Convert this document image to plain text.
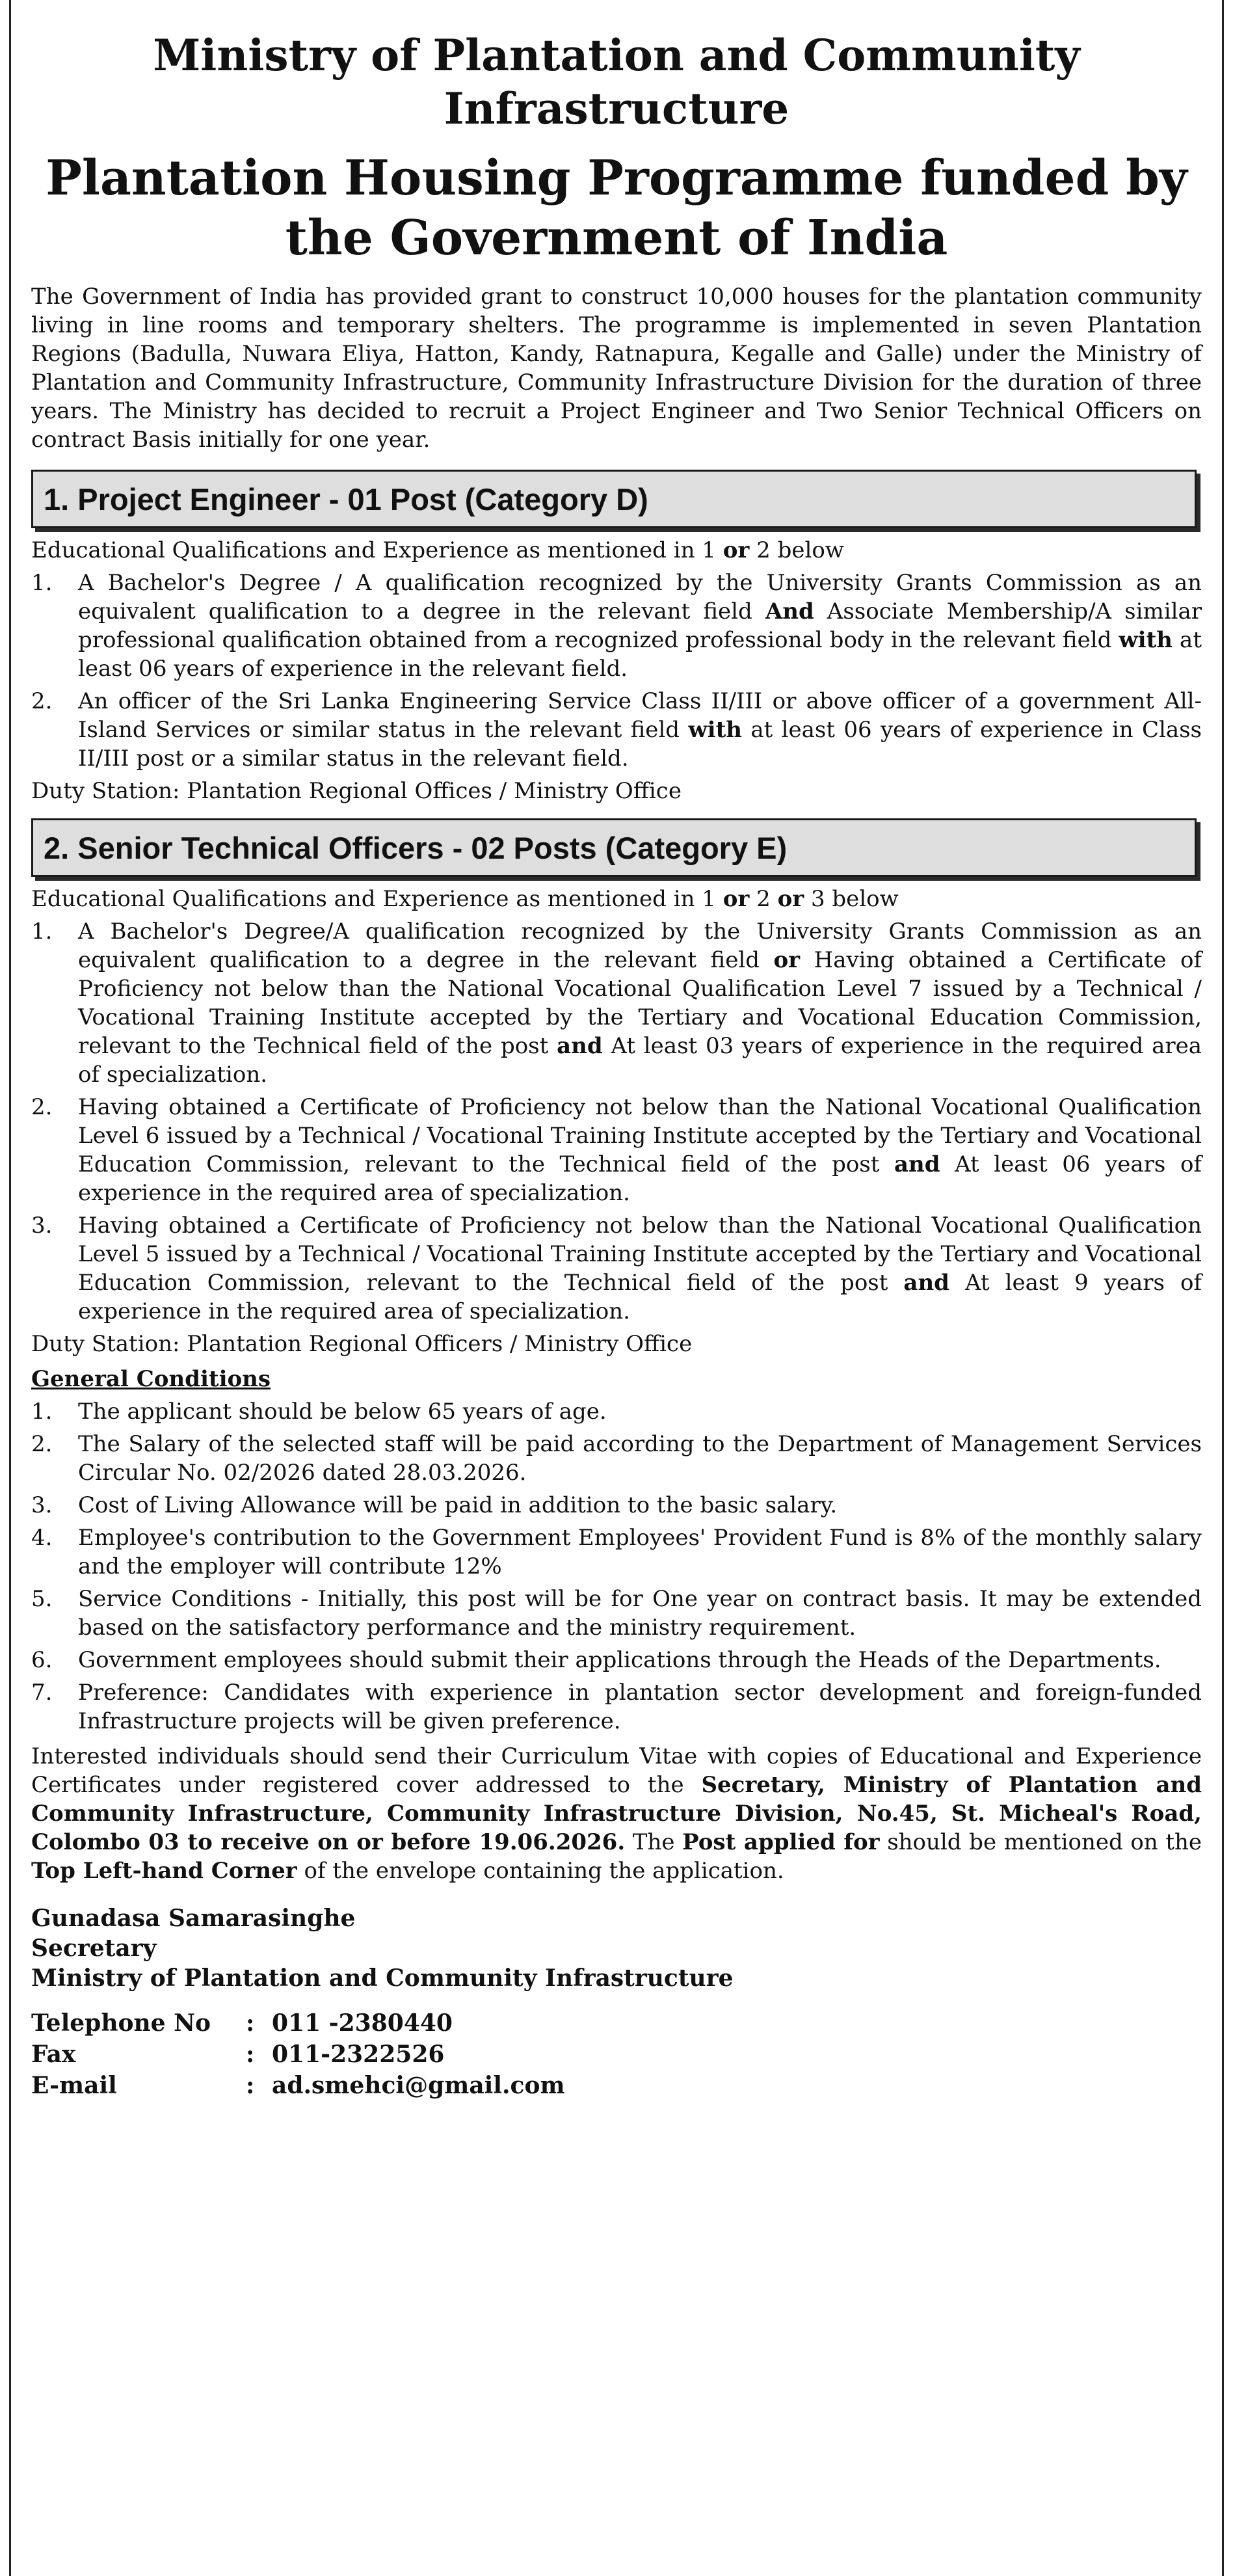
Ministry of Plantation and Community Infrastructure
Plantation Housing Programme funded by the Government of India

The Government of India has provided grant to construct 10,000 houses for the plantation community living in line rooms and temporary shelters. The programme is implemented in seven Plantation Regions (Badulla, Nuwara Eliya, Hatton, Kandy, Ratnapura, Kegalle and Galle) under the Ministry of Plantation and Community Infrastructure, Community Infrastructure Division for the duration of three years. The Ministry has decided to recruit a Project Engineer and Two Senior Technical Officers on contract Basis initially for one year.

1. Project Engineer - 01 Post (Category D)

Educational Qualifications and Experience as mentioned in 1 or 2 below

1.	A Bachelor's Degree / A qualification recognized by the University Grants Commission as an equivalent qualification to a degree in the relevant field And Associate Membership/A similar professional qualification obtained from a recognized professional body in the relevant field with at least 06 years of experience in the relevant field.
2.	An officer of the Sri Lanka Engineering Service Class II/III or above officer of a government All-Island Services or similar status in the relevant field with at least 06 years of experience in Class II/III post or a similar status in the relevant field.

Duty Station: Plantation Regional Offices / Ministry Office

2. Senior Technical Officers - 02 Posts (Category E)

Educational Qualifications and Experience as mentioned in 1 or 2 or 3 below

1.	A Bachelor's Degree/A qualification recognized by the University Grants Commission as an equivalent qualification to a degree in the relevant field or Having obtained a Certificate of Proficiency not below than the National Vocational Qualification Level 7 issued by a Technical / Vocational Training Institute accepted by the Tertiary and Vocational Education Commission, relevant to the Technical field of the post and At least 03 years of experience in the required area of specialization.
2.	Having obtained a Certificate of Proficiency not below than the National Vocational Qualification Level 6 issued by a Technical / Vocational Training Institute accepted by the Tertiary and Vocational Education Commission, relevant to the Technical field of the post and At least 06 years of experience in the required area of specialization.
3.	Having obtained a Certificate of Proficiency not below than the National Vocational Qualification Level 5 issued by a Technical / Vocational Training Institute accepted by the Tertiary and Vocational Education Commission, relevant to the Technical field of the post and At least 9 years of experience in the required area of specialization.

Duty Station: Plantation Regional Officers / Ministry Office

General Conditions
1.	The applicant should be below 65 years of age.
2.	The Salary of the selected staff will be paid according to the Department of Management Services Circular No. 02/2026 dated 28.03.2026.
3.	Cost of Living Allowance will be paid in addition to the basic salary.
4.	Employee's contribution to the Government Employees' Provident Fund is 8% of the monthly salary and the employer will contribute 12%
5.	Service Conditions - Initially, this post will be for One year on contract basis. It may be extended based on the satisfactory performance and the ministry requirement.
6.	Government employees should submit their applications through the Heads of the Departments.
7.	Preference: Candidates with experience in plantation sector development and foreign-funded Infrastructure projects will be given preference.

Interested individuals should send their Curriculum Vitae with copies of Educational and Experience Certificates under registered cover addressed to the Secretary, Ministry of Plantation and Community Infrastructure, Community Infrastructure Division, No.45, St. Micheal's Road, Colombo 03 to receive on or before 19.06.2026. The Post applied for should be mentioned on the Top Left-hand Corner of the envelope containing the application.

Gunadasa Samarasinghe
Secretary
Ministry of Plantation and Community Infrastructure
Telephone No	: 011 -2380440
Fax	: 011-2322526
E-mail	: ad.smehci@gmail.com
